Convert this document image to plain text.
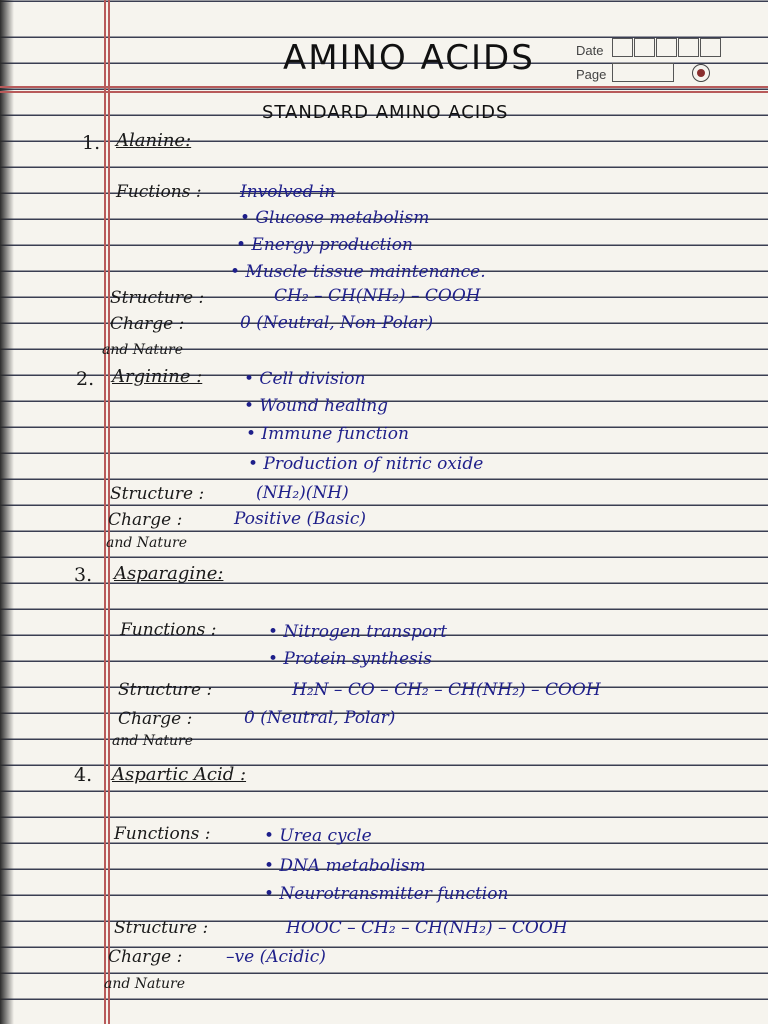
AMINO ACIDS	Date
Page
STANDARD AMINO ACIDS
1. Alanine:
Fuctions : Involved in
• Glucose metabolism
• Energy production
• Muscle tissue maintenance.
Structure :	CH₂ – CH(NH₂) – COOH
Charge :	0 (Neutral, Non-Polar)
and Nature
2. Arginine : • Cell division
• Wound healing
• Immune function
• Production of nitric oxide
Structure :	(NH₂)(NH)
Charge :	Positive (Basic)
and Nature
3. Asparagine:
Functions :	• Nitrogen transport
• Protein synthesis
Structure :	H₂N – CO – CH₂ – CH(NH₂) – COOH
Charge :	0 (Neutral, Polar)
and Nature
4. Aspartic Acid :
Functions :	• Urea cycle
• DNA metabolism
• Neurotransmitter function
Structure :	HOOC – CH₂ – CH(NH₂) – COOH
Charge :	–ve (Acidic)
and Nature
